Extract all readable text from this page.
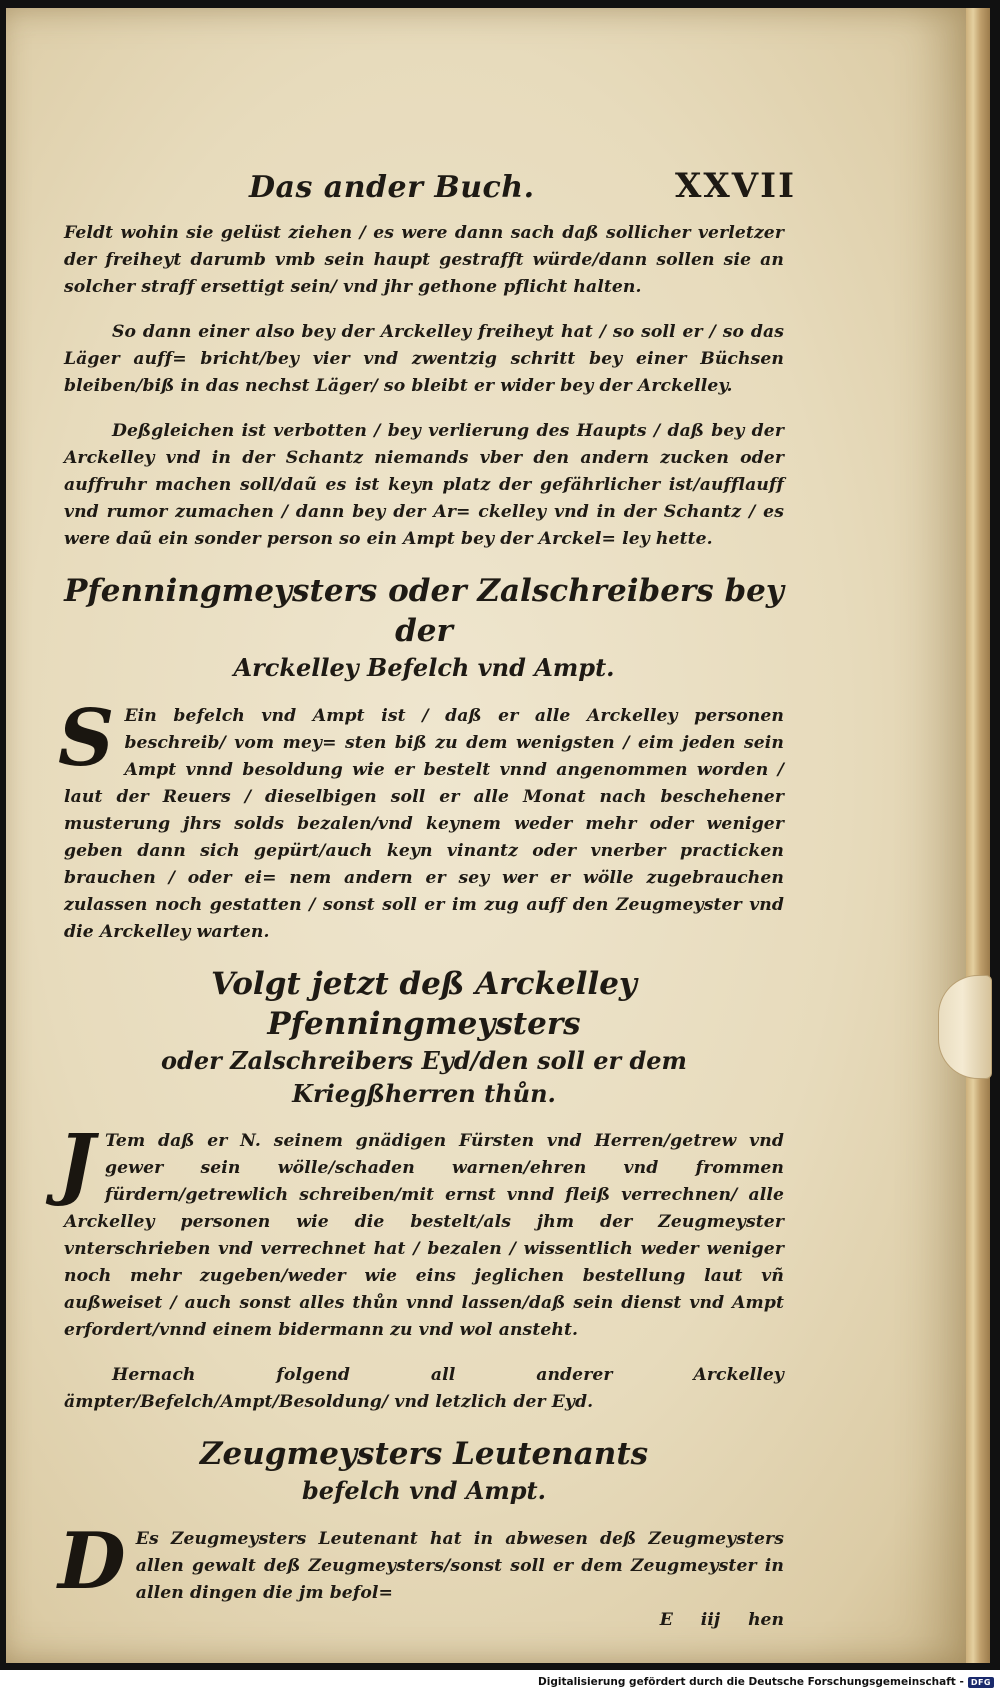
Das ander Buch.	XXVII

Feldt wohin sie gelüst ziehen / es were dann sach daß sollicher verletzer der freiheyt darumb vmb sein haupt gestrafft würde/dann sollen sie an solcher straff ersettigt sein/ vnd jhr gethone pflicht halten.

So dann einer also bey der Arckelley freiheyt hat / so soll er / so das Läger auff= bricht/bey vier vnd zwentzig schritt bey einer Büchsen bleiben/biß in das nechst Läger/ so bleibt er wider bey der Arckelley.

Deßgleichen ist verbotten / bey verlierung des Haupts / daß bey der Arckelley vnd in der Schantz niemands vber den andern zucken oder auffruhr machen soll/daũ es ist keyn platz der gefährlicher ist/aufflauff vnd rumor zumachen / dann bey der Ar= ckelley vnd in der Schantz / es were daũ ein sonder person so ein Ampt bey der Arckel= ley hette.

Pfenningmeysters oder Zalschreibers bey der
Arckelley Befelch vnd Ampt.

S Ein befelch vnd Ampt ist / daß er alle Arckelley personen beschreib/ vom mey= sten biß zu dem wenigsten / eim jeden sein Ampt vnnd besoldung wie er bestelt vnnd angenommen worden / laut der Reuers / dieselbigen soll er alle Monat nach beschehener musterung jhrs solds bezalen/vnd keynem weder mehr oder weniger geben dann sich gepürt/auch keyn vinantz oder vnerber practicken brauchen / oder ei= nem andern er sey wer er wölle zugebrauchen zulassen noch gestatten / sonst soll er im zug auff den Zeugmeyster vnd die Arckelley warten.

Volgt jetzt deß Arckelley Pfenningmeysters
oder Zalschreibers Eyd/den soll er dem
Kriegßherren thůn.

J Tem daß er N. seinem gnädigen Fürsten vnd Herren/getrew vnd gewer sein wölle/schaden warnen/ehren vnd frommen fürdern/getrewlich schreiben/mit ernst vnnd fleiß verrechnen/ alle Arckelley personen wie die bestelt/als jhm der Zeugmeyster vnterschrieben vnd verrechnet hat / bezalen / wissentlich weder weniger noch mehr zugeben/weder wie eins jeglichen bestellung laut vñ außweiset / auch sonst alles thůn vnnd lassen/daß sein dienst vnd Ampt erfordert/vnnd einem bidermann zu vnd wol ansteht.

Hernach folgend all anderer Arckelley ämpter/Befelch/Ampt/Besoldung/ vnd letzlich der Eyd.

Zeugmeysters Leutenants
befelch vnd Ampt.

D Es Zeugmeysters Leutenant hat in abwesen deß Zeugmeysters allen gewalt deß Zeugmeysters/sonst soll er dem Zeugmeyster in allen dingen die jm befol=

E iij hen
Digitalisierung gefördert durch die Deutsche Forschungsgemeinschaft - DFG
